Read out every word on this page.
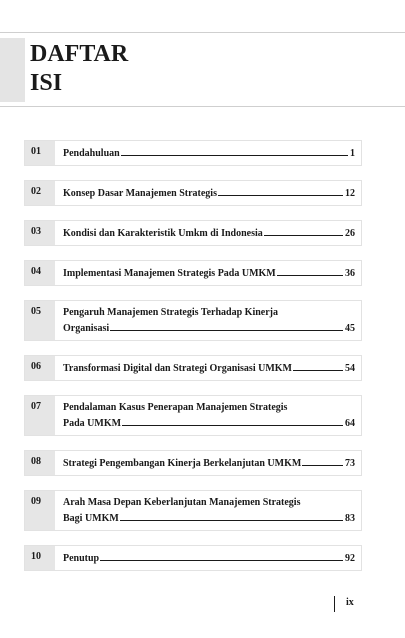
DAFTAR
ISI
01	Pendahuluan	1
02	Konsep Dasar Manajemen Strategis	12
03	Kondisi dan Karakteristik Umkm di Indonesia	26
04	Implementasi Manajemen Strategis Pada UMKM	36
05	Pengaruh Manajemen Strategis Terhadap Kinerja
Organisasi	45
06	Transformasi Digital dan Strategi Organisasi UMKM	54
07	Pendalaman Kasus Penerapan Manajemen Strategis
Pada UMKM	64
08	Strategi Pengembangan Kinerja Berkelanjutan UMKM	73
09	Arah Masa Depan Keberlanjutan Manajemen Strategis
Bagi UMKM	83
10	Penutup	92
ix
